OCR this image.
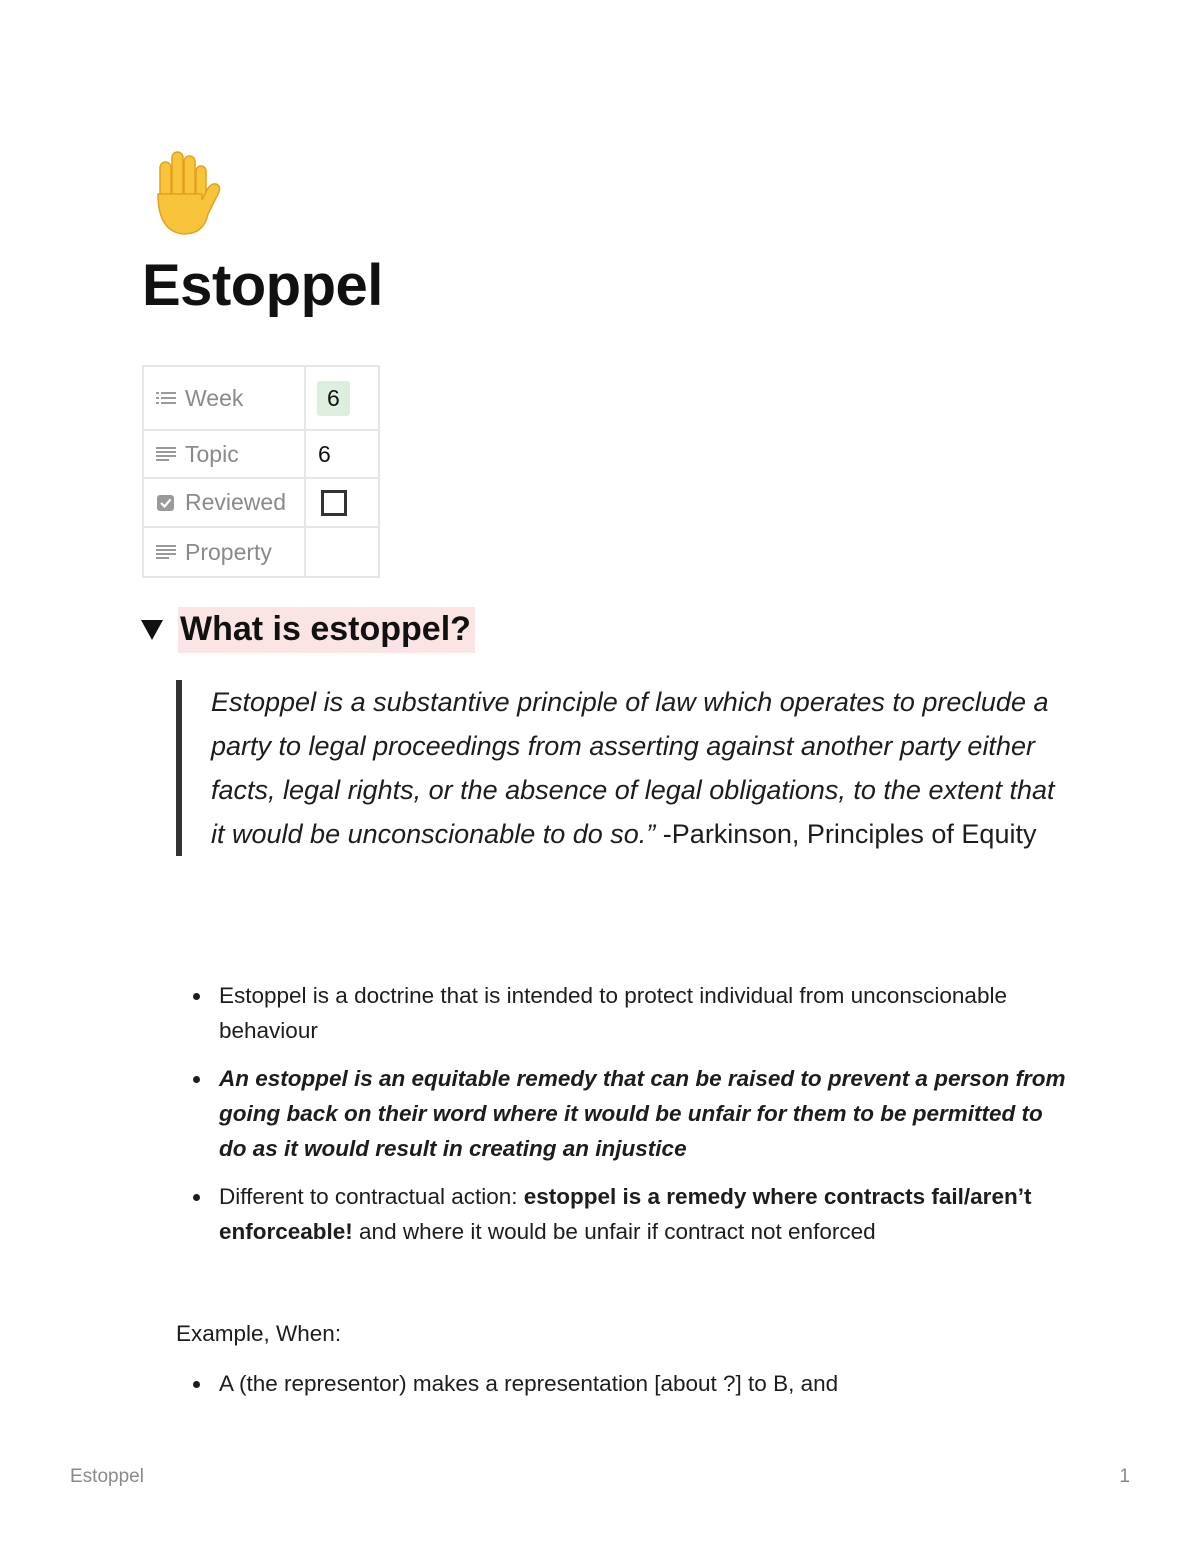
Estoppel
Week	6

Topic	6

Reviewed	

Property	

What is estoppel?
Estoppel is a substantive principle of law which operates to preclude a party to legal proceedings from asserting against another party either facts, legal rights, or the absence of legal obligations, to the extent that it would be unconscionable to do so.” -Parkinson, Principles of Equity
Estoppel is a doctrine that is intended to protect individual from unconscionable behaviour
An estoppel is an equitable remedy that can be raised to prevent a person from going back on their word where it would be unfair for them to be permitted to do as it would result in creating an injustice
Different to contractual action: estoppel is a remedy where contracts fail/aren’t enforceable! and where it would be unfair if contract not enforced

Example, When:

A (the representor) makes a representation [about ?] to B, and
Estoppel	1
